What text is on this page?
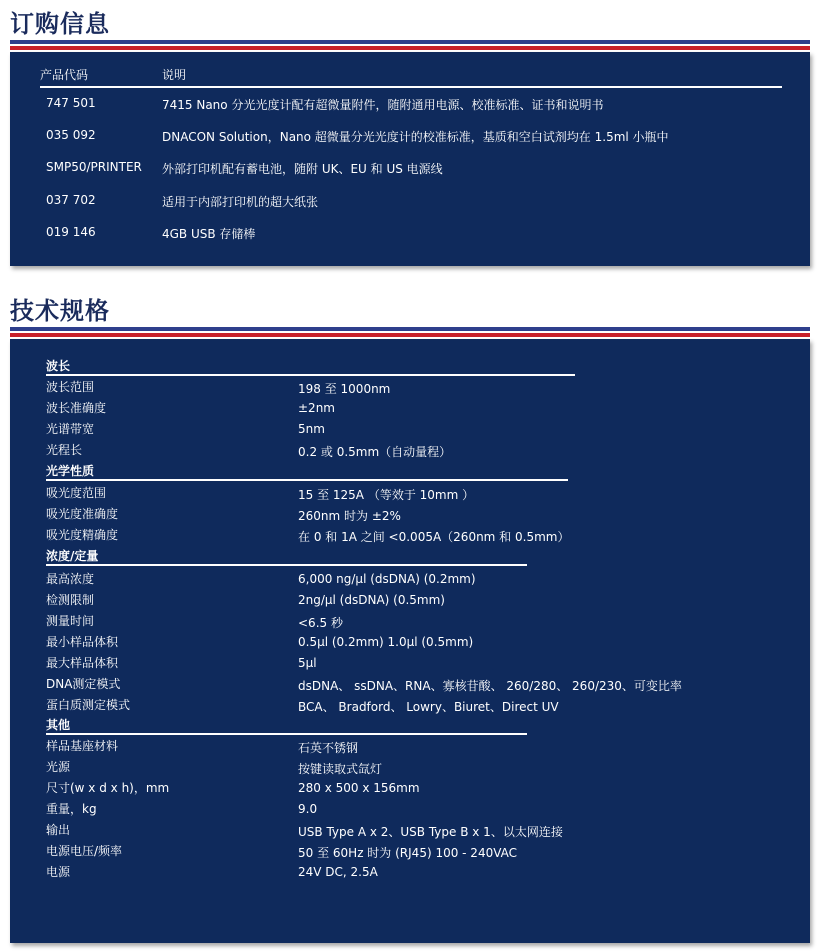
订购信息
产品代码	说明
747 501	7415 Nano 分光光度计配有超微量附件，随附通用电源、校准标准、证书和说明书
035 092	DNACON Solution，Nano 超微量分光光度计的校准标准，基质和空白试剂均在 1.5ml 小瓶中
SMP50/PRINTER 外部打印机配有蓄电池，随附 UK、EU 和 US 电源线
037 702	适用于内部打印机的超大纸张
019 146	4GB USB 存储棒
技术规格
波长
波长范围	198 至 1000nm
波长准确度	±2nm
光谱带宽	5nm
光程长	0.2 或 0.5mm（自动量程）
光学性质
吸光度范围	15 至 125A （等效于 10mm ）
吸光度准确度	260nm 时为 ±2%
吸光度精确度	在 0 和 1A 之间 <0.005A（260nm 和 0.5mm）
浓度/定量
最高浓度	6,000 ng/µl (dsDNA) (0.2mm)
检测限制	2ng/µl (dsDNA) (0.5mm)
测量时间	<6.5 秒
最小样品体积	0.5µl (0.2mm) 1.0µl (0.5mm)
最大样品体积	5µl
DNA测定模式	dsDNA、 ssDNA、RNA、寡核苷酸、 260/280、 260/230、可变比率
蛋白质测定模式	BCA、 Bradford、 Lowry、Biuret、Direct UV
其他
样品基座材料	石英不锈钢
光源	按键读取式氙灯
尺寸(w x d x h)，mm	280 x 500 x 156mm
重量，kg	9.0
输出	USB Type A x 2、USB Type B x 1、以太网连接
电源电压/频率	50 至 60Hz 时为 (RJ45) 100 - 240VAC
电源	24V DC, 2.5A
